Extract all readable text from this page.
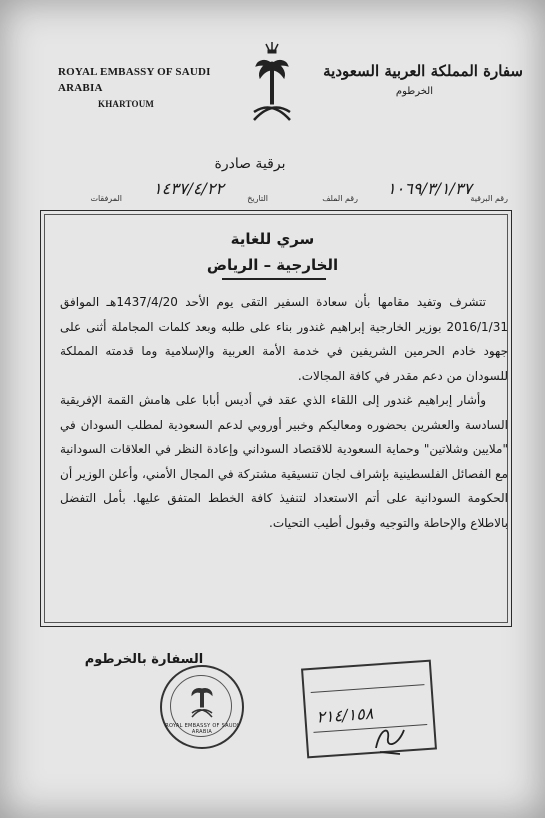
ROYAL EMBASSY OF SAUDI ARABIA
KHARTOUM
سفارة المملكة العربية السعودية
الخرطوم
برقية صادرة
رقم البرقية
١٠٦٩/٣/١/٣٧
رقم الملف
التاريخ
١٤٣٧/٤/٢٢
المرفقات
سري للغاية
الخارجية – الرياض

تتشرف وتفيد مقامها بأن سعادة السفير التقى يوم الأحد 1437/4/20هـ الموافق 2016/1/31 بوزير الخارجية إبراهيم غندور بناء على طلبه وبعد كلمات المجاملة أثنى على جهود خادم الحرمين الشريفين في خدمة الأمة العربية والإسلامية وما قدمته المملكة للسودان من دعم مقدر في كافة المجالات.

وأشار إبراهيم غندور إلى اللقاء الذي عقد في أديس أبابا على هامش القمة الإفريقية السادسة والعشرين بحضوره ومعاليكم وخبير أوروبي لدعم السعودية لمطلب السودان في "ملايين وشلاتين" وحماية السعودية للاقتصاد السوداني وإعادة النظر في العلاقات السودانية مع الفصائل الفلسطينية بإشراف لجان تنسيقية مشتركة في المجال الأمني، وأعلن الوزير أن الحكومة السودانية على أتم الاستعداد لتنفيذ كافة الخطط المتفق عليها. بأمل التفضل بالاطلاع والإحاطة والتوجيه وقبول أطيب التحيات.

السفارة بالخرطوم
ROYAL EMBASSY OF SAUDI ARABIA
٢١٤/١٥٨
